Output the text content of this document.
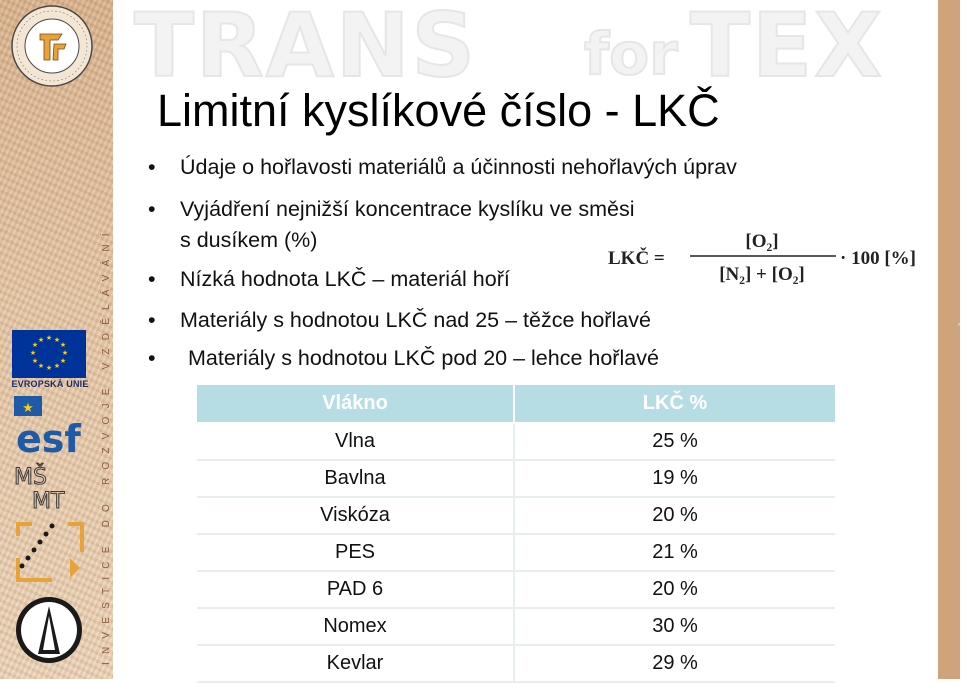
★ ★
★
★
★
★
★
★
★
★
★
★
EVROPSKÁ UNIE
★
esf
MŠ
MT	INVESTICE DO ROZVOJE VZDĚLÁVÁNÍ	Tato prezentace je spolufinancována Evropským sociálním fondem a státním rozpočtem České republiky
TRANS for TEX
Limitní kyslíkové číslo - LKČ
• Údaje o hořlavosti materiálů a účinnosti nehořlavých úprav
• Vyjádření nejnižší koncentrace kyslíku ve směsi
s dusíkem (%)
• Nízká hodnota LKČ – materiál hoří
• Materiály s hodnotou LKČ nad 25 – těžce hořlavé
• Materiály s hodnotou LKČ pod 20 – lehce hořlavé
LKČ =
[O₂]
[N₂] + [O₂]
· 100 [%]
Vlákno	LKČ %
Vlna	25 %
Bavlna	19 %
Viskóza	20 %
PES	21 %
PAD 6	20 %
Nomex	30 %
Kevlar	29 %
